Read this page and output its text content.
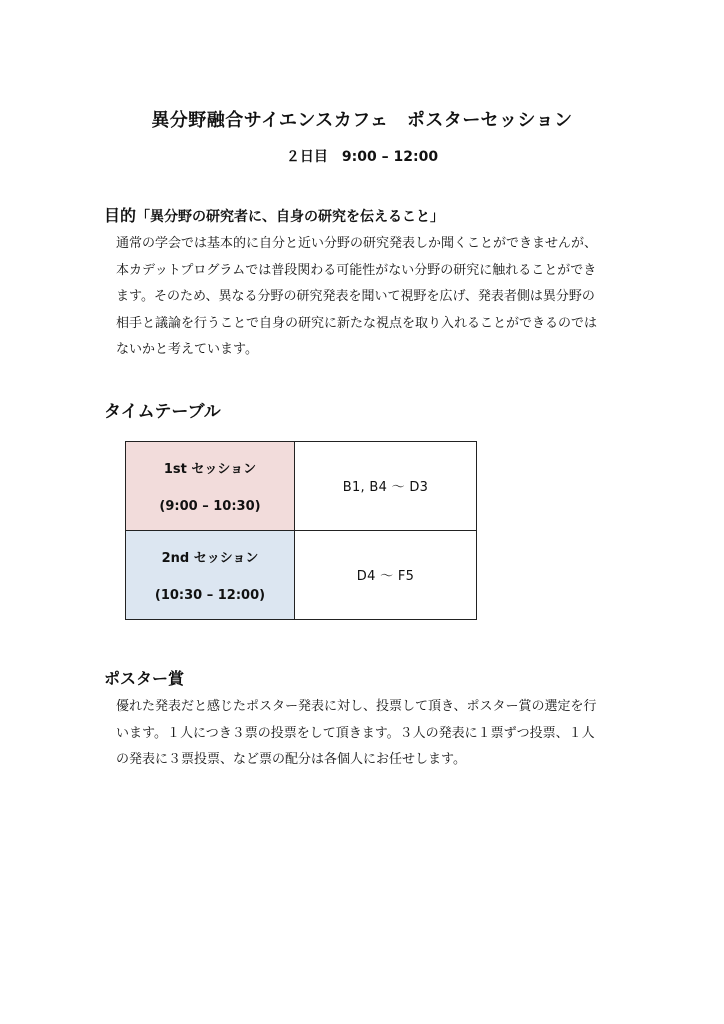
異分野融合サイエンスカフェ　ポスターセッション
２日目　9:00 – 12:00
目的「異分野の研究者に、自身の研究を伝えること」
通常の学会では基本的に自分と近い分野の研究発表しか聞くことができませんが、
本カデットプログラムでは普段関わる可能性がない分野の研究に触れることができ
ます。そのため、異なる分野の研究発表を聞いて視野を広げ、発表者側は異分野の
相手と議論を行うことで自身の研究に新たな視点を取り入れることができるのでは
ないかと考えています。
タイムテーブル
1st セッション
(9:00 – 10:30)
B1, B4 ～ D3
2nd セッション
(10:30 – 12:00)
D4 ～ F5
ポスター賞
優れた発表だと感じたポスター発表に対し、投票して頂き、ポスター賞の選定を行
います。１人につき３票の投票をして頂きます。３人の発表に１票ずつ投票、１人
の発表に３票投票、など票の配分は各個人にお任せします。
